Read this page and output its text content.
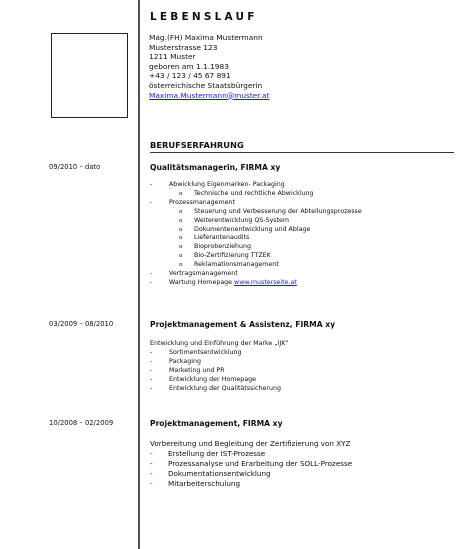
LEBENSLAUF
Mag.(FH) Maxima Mustermann
Musterstrasse 123
1211 Muster
geboren am 1.1.1983
+43 / 123 / 45 67 891
österreichische Staatsbürgerin
Maxima.Mustermann@muster.at
BERUFSERFAHRUNG
09/2010 – dato	Qualitätsmanagerin, FIRMA xy
-	Abwicklung Eigenmarken- Packaging
o	Technische und rechtliche Abwicklung
-	Prozessmanagement
o	Steuerung und Verbesserung der Abteilungsprozesse
o	Weiterentwicklung QS-System
o	Dokumentenentwicklung und Ablage
o	Lieferantenaudits
o	Bioprobenziehung
o	Bio-Zertifizierung TTZEK
o	Reklamationsmanagement
-	Vertragsmanagement
-	Wartung Homepage www.musterseite.at
03/2009 – 08/2010	Projektmanagement & Assistenz, FIRMA xy
Entwicklung und Einführung der Marke „IJK“
-	Sortimentsentwicklung
-	Packaging
-	Marketing und PR
-	Entwicklung der Homepage
-	Entwicklung der Qualitätssicherung
10/2008 – 02/2009	Projektmanagement, FIRMA xy
Vorbereitung und Begleitung der Zertifizierung von XYZ
-	Erstellung der IST-Prozesse
-	Prozessanalyse und Erarbeitung der SOLL-Prozesse
-	Dokumentationsentwicklung
-	Mitarbeiterschulung
